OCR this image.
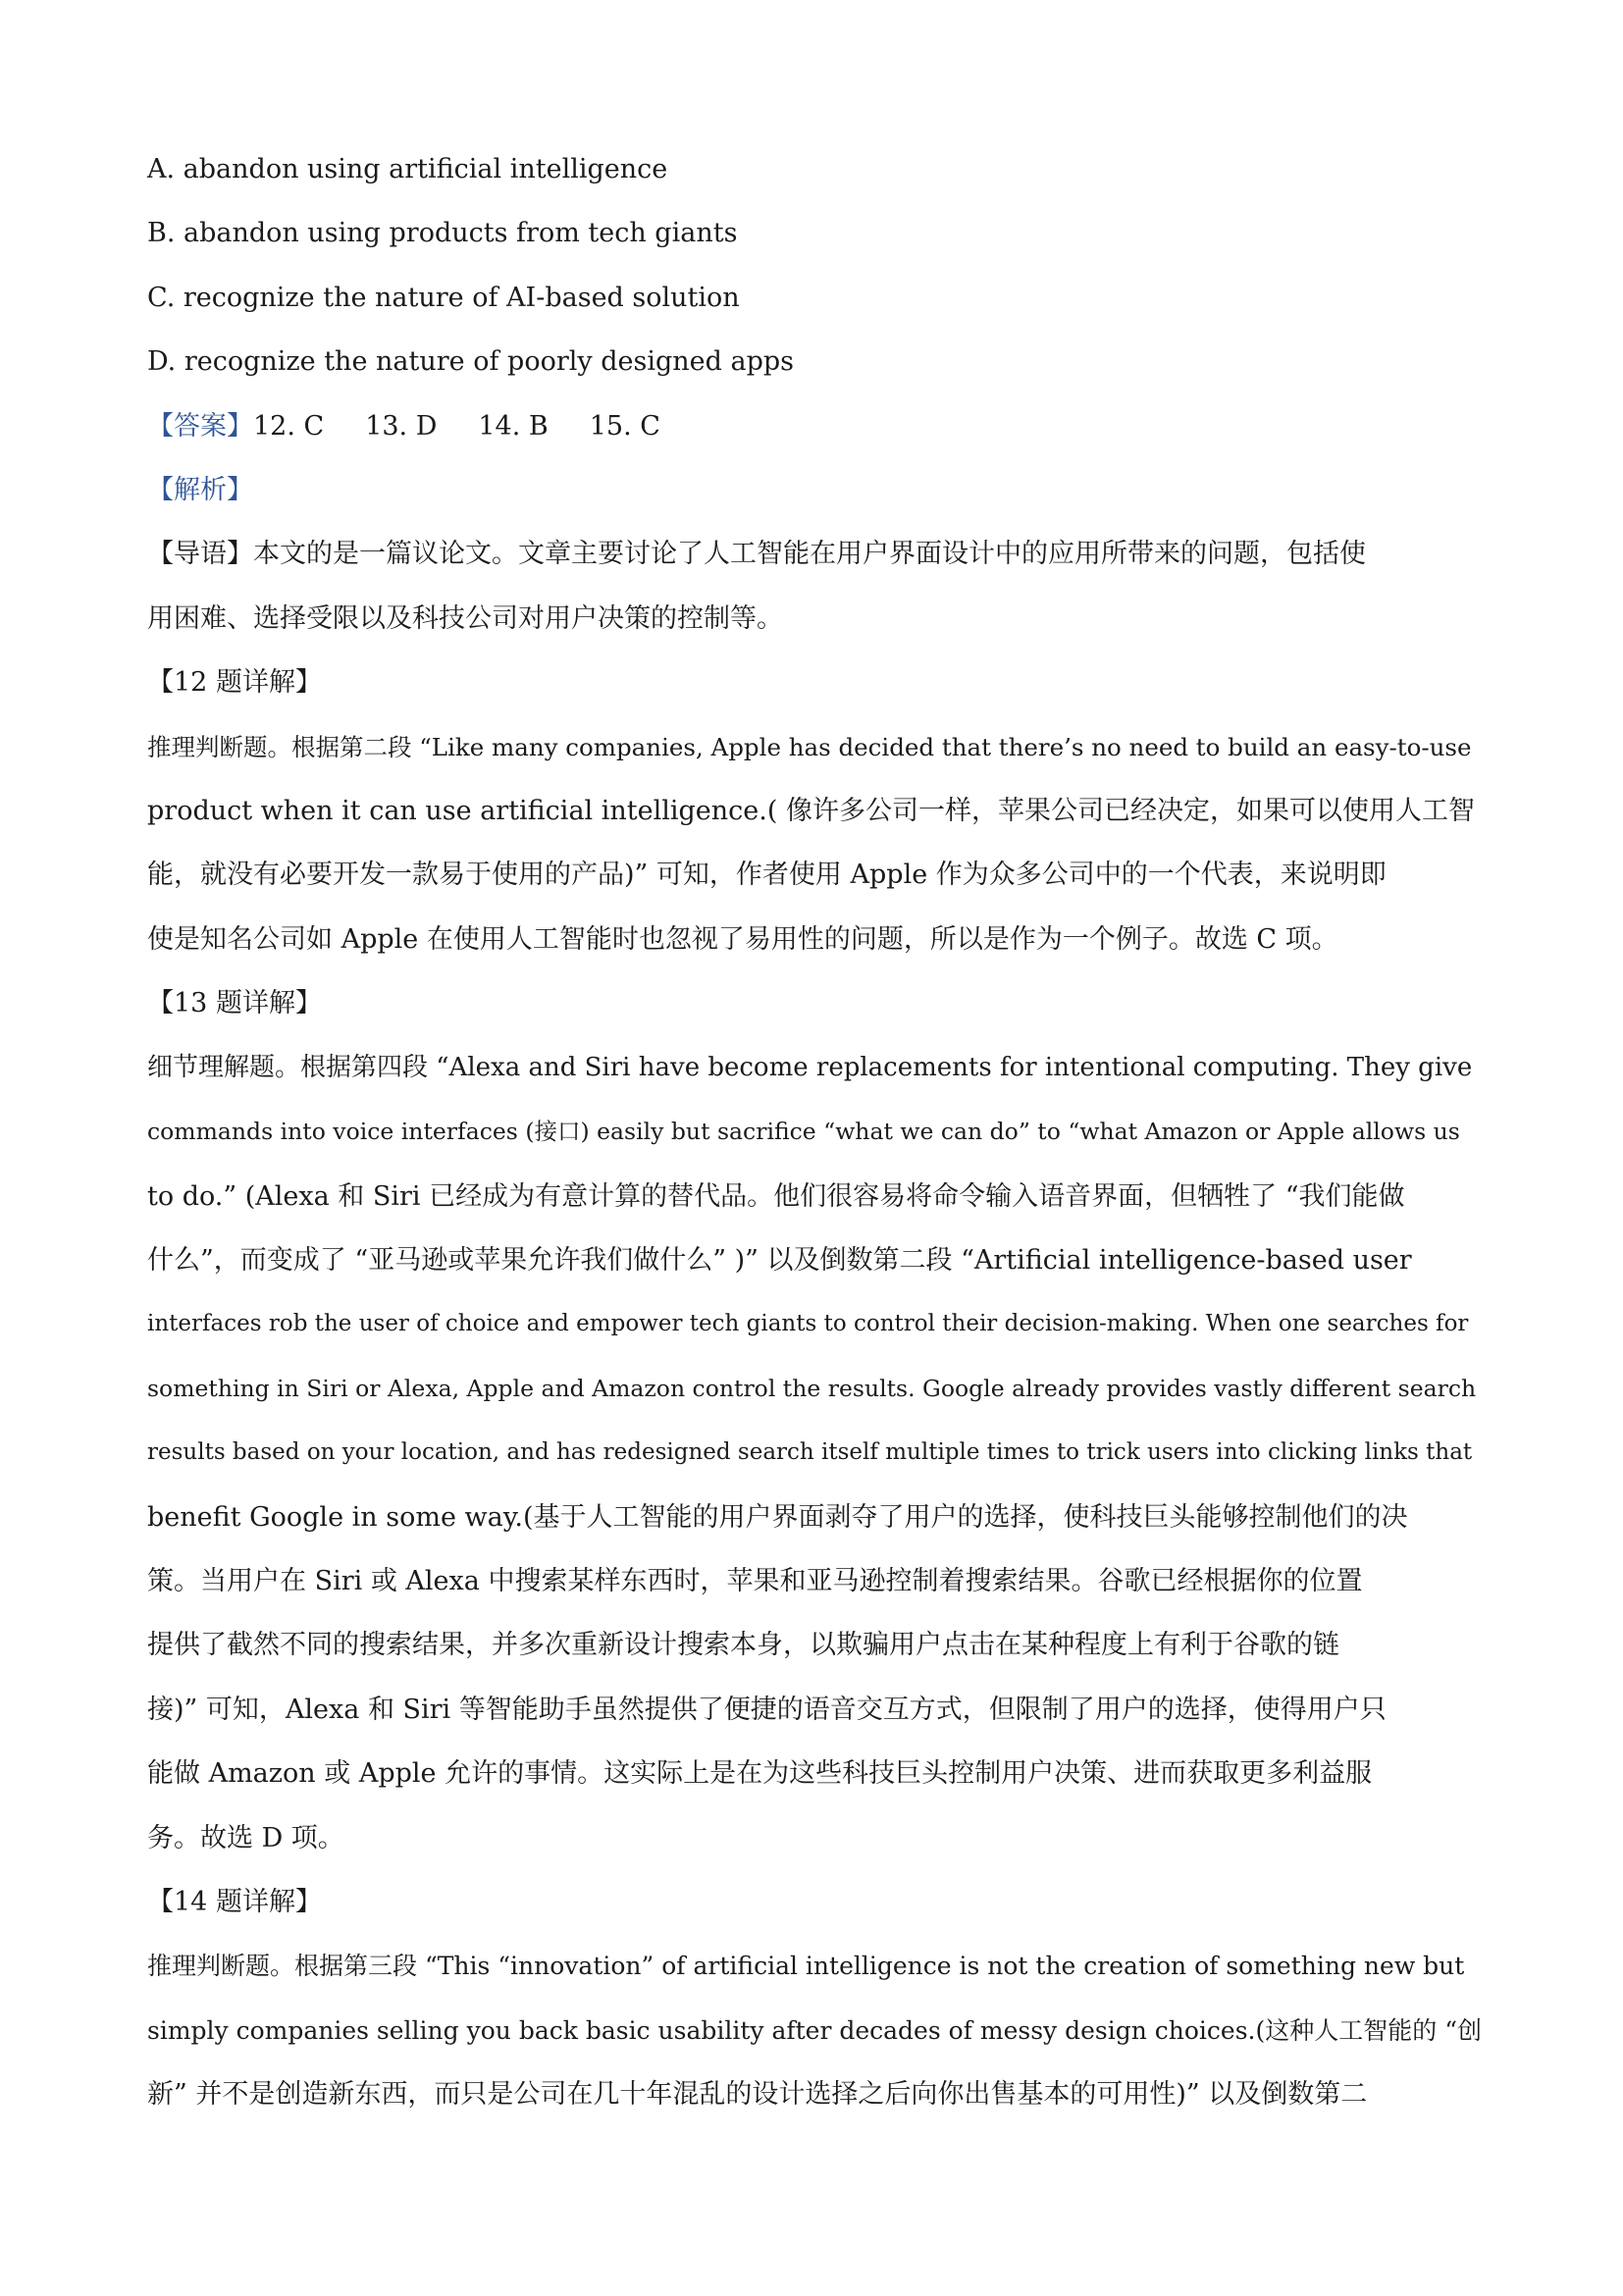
A. abandon using artificial intelligence

B. abandon using products from tech giants

C. recognize the nature of AI-based solution

D. recognize the nature of poorly designed apps

【答案】12. C 13. D 14. B 15. C

【解析】

【导语】本文的是一篇议论文。文章主要讨论了人工智能在用户界面设计中的应用所带来的问题，包括使

用困难、选择受限以及科技公司对用户决策的控制等。

【12 题详解】

推理判断题。根据第二段 “Like many companies, Apple has decided that there’s no need to build an easy-to-use

product when it can use artificial intelligence.( 像许多公司一样，苹果公司已经决定，如果可以使用人工智

能，就没有必要开发一款易于使用的产品)” 可知，作者使用 Apple 作为众多公司中的一个代表，来说明即

使是知名公司如 Apple 在使用人工智能时也忽视了易用性的问题，所以是作为一个例子。故选 C 项。

【13 题详解】

细节理解题。根据第四段 “Alexa and Siri have become replacements for intentional computing. They give

commands into voice interfaces (接口) easily but sacrifice “what we can do” to “what Amazon or Apple allows us

to do.” (Alexa 和 Siri 已经成为有意计算的替代品。他们很容易将命令输入语音界面，但牺牲了 “我们能做

什么”，而变成了 “亚马逊或苹果允许我们做什么” )” 以及倒数第二段 “Artificial intelligence-based user

interfaces rob the user of choice and empower tech giants to control their decision-making. When one searches for

something in Siri or Alexa, Apple and Amazon control the results. Google already provides vastly different search

results based on your location, and has redesigned search itself multiple times to trick users into clicking links that

benefit Google in some way.(基于人工智能的用户界面剥夺了用户的选择，使科技巨头能够控制他们的决

策。当用户在 Siri 或 Alexa 中搜索某样东西时，苹果和亚马逊控制着搜索结果。谷歌已经根据你的位置

提供了截然不同的搜索结果，并多次重新设计搜索本身，以欺骗用户点击在某种程度上有利于谷歌的链

接)” 可知，Alexa 和 Siri 等智能助手虽然提供了便捷的语音交互方式，但限制了用户的选择，使得用户只

能做 Amazon 或 Apple 允许的事情。这实际上是在为这些科技巨头控制用户决策、进而获取更多利益服

务。故选 D 项。

【14 题详解】

推理判断题。根据第三段 “This “innovation” of artificial intelligence is not the creation of something new but

simply companies selling you back basic usability after decades of messy design choices.(这种人工智能的 “创

新” 并不是创造新东西，而只是公司在几十年混乱的设计选择之后向你出售基本的可用性)” 以及倒数第二
